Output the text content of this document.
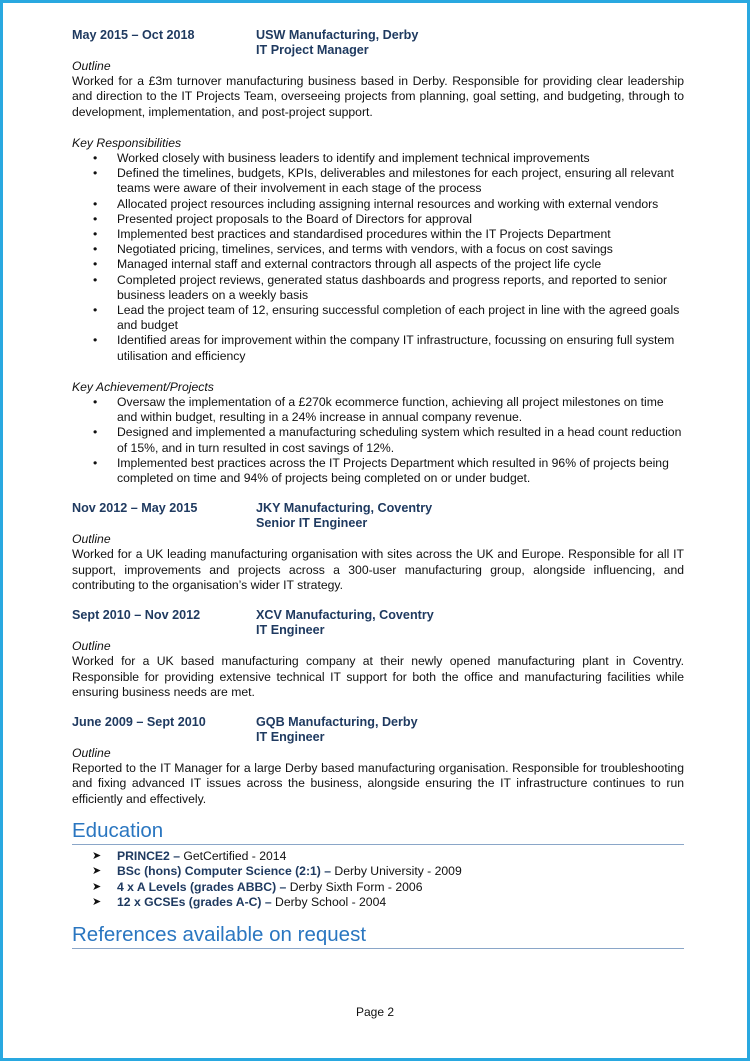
May 2015 – Oct 2018	USW Manufacturing, Derby
IT Project Manager
Outline
Worked for a £3m turnover manufacturing business based in Derby. Responsible for providing clear leadership and direction to the IT Projects Team, overseeing projects from planning, goal setting, and budgeting, through to development, implementation, and post-project support.
Key Responsibilities
• Worked closely with business leaders to identify and implement technical improvements
• Defined the timelines, budgets, KPIs, deliverables and milestones for each project, ensuring all relevant teams were aware of their involvement in each stage of the process
• Allocated project resources including assigning internal resources and working with external vendors
• Presented project proposals to the Board of Directors for approval
• Implemented best practices and standardised procedures within the IT Projects Department
• Negotiated pricing, timelines, services, and terms with vendors, with a focus on cost savings
• Managed internal staff and external contractors through all aspects of the project life cycle
• Completed project reviews, generated status dashboards and progress reports, and reported to senior business leaders on a weekly basis
• Lead the project team of 12, ensuring successful completion of each project in line with the agreed goals and budget
• Identified areas for improvement within the company IT infrastructure, focussing on ensuring full system utilisation and efficiency
Key Achievement/Projects
• Oversaw the implementation of a £270k ecommerce function, achieving all project milestones on time and within budget, resulting in a 24% increase in annual company revenue.
• Designed and implemented a manufacturing scheduling system which resulted in a head count reduction of 15%, and in turn resulted in cost savings of 12%.
• Implemented best practices across the IT Projects Department which resulted in 96% of projects being completed on time and 94% of projects being completed on or under budget.
Nov 2012 – May 2015	JKY Manufacturing, Coventry
Senior IT Engineer
Outline
Worked for a UK leading manufacturing organisation with sites across the UK and Europe. Responsible for all IT support, improvements and projects across a 300-user manufacturing group, alongside influencing, and contributing to the organisation’s wider IT strategy.
Sept 2010 – Nov 2012	XCV Manufacturing, Coventry
IT Engineer
Outline
Worked for a UK based manufacturing company at their newly opened manufacturing plant in Coventry. Responsible for providing extensive technical IT support for both the office and manufacturing facilities while ensuring business needs are met.
June 2009 – Sept 2010	GQB Manufacturing, Derby
IT Engineer
Outline
Reported to the IT Manager for a large Derby based manufacturing organisation. Responsible for troubleshooting and fixing advanced IT issues across the business, alongside ensuring the IT infrastructure continues to run efficiently and effectively.
Education
➤ PRINCE2 – GetCertified - 2014
➤ BSc (hons) Computer Science (2:1) – Derby University - 2009
➤ 4 x A Levels (grades ABBC) – Derby Sixth Form - 2006
➤ 12 x GCSEs (grades A-C) – Derby School - 2004
References available on request
Page 2
